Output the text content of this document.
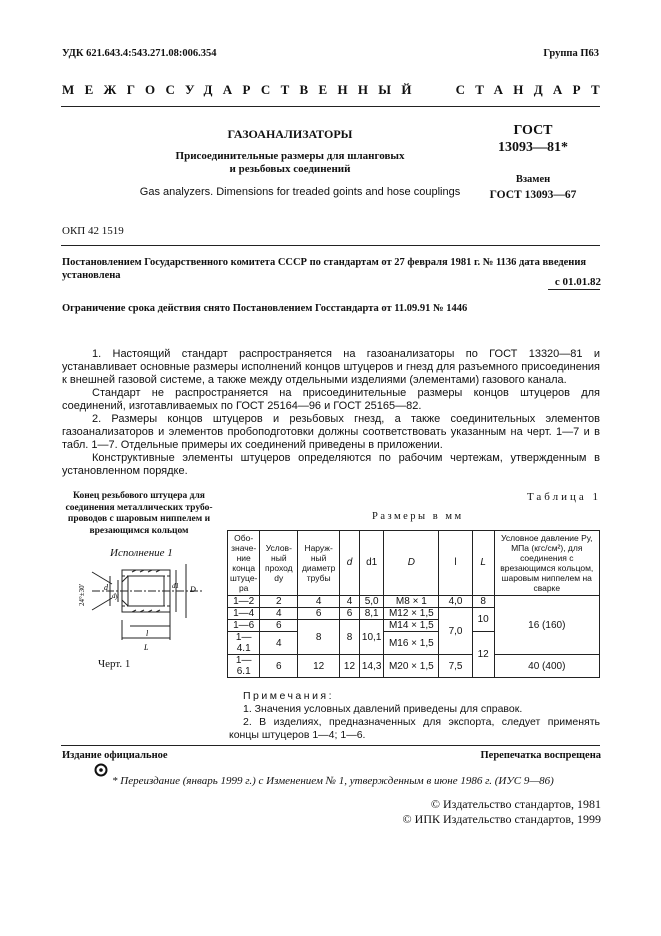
УДК 621.643.4:543.271.08:006.354	Группа П63
МЕЖГОСУДАРСТВЕННЫЙ	СТАНДАРТ
ГАЗОАНАЛИЗАТОРЫ
Присоединительные размеры для шланговых
и резьбовых соединений
Gas analyzers. Dimensions for treaded goints and hose couplings
ГОСТ
13093—81*
Взамен
ГОСТ 13093—67
ОКП 42 1519
Постановлением Государственного комитета СССР по стандартам от 27 февраля 1981 г. № 1136 дата введения установлена
с 01.01.82
Ограничение срока действия снято Постановлением Госстандарта от 11.09.91 № 1446

1. Настоящий стандарт распространяется на газоанализаторы по ГОСТ 13320—81 и устанавливает основные размеры исполнений концов штуцеров и гнезд для разъемного присоединения к внешней газовой системе, а также между отдельными изделиями (элементами) газового канала.

Стандарт не распространяется на присоединительные размеры концов штуцеров для соединений, изготавливаемых по ГОСТ 25164—96 и ГОСТ 25165—82.

2. Размеры концов штуцеров и резьбовых гнезд, а также соединительных элементов газоанализаторов и элементов пробоподготовки должны соответствовать указанным на черт. 1—7 и в табл. 1—7. Отдельные примеры их соединений приведены в приложении.

Конструктивные элементы штуцеров определяются по рабочим чертежам, утвержденным в установленном порядке.

Конец резьбового штуцера для
соединения металлических трубо-
проводов с шаровым ниппелем и
врезающимся кольцом
Исполнение 1
24°±30' d
dу
d1 D
l
L
Черт. 1
Таблица 1
Размеры в мм
Обо-значе-ние конца штуце-ра	Услов-ный проход dу	Наруж-ный диаметр трубы	d	d1	D	l	L	Условное давление Pу, МПа (кгс/см²), для соединения с врезающимся кольцом, шаровым ниппелем на сварке
1—2	2	4	4	5,0	M8 × 1	4,0	8	16 (160)
1—4	4	6	6	8,1	M12 × 1,5	7,0	10	
1—6	6	8	8	10,1	M14 × 1,5			
1—4.1	4				M16 × 1,5		12	
1—6.1	6	12	12	14,3	M20 × 1,5	7,5		40 (400)
Примечания:
1. Значения условных давлений приведены для справок.
2. В изделиях, предназначенных для экспорта, следует применять концы штуцеров 1—4; 1—6.
Издание официальное	Перепечатка воспрещена
* Переиздание (январь 1999 г.) с Изменением № 1, утвержденным в июне 1986 г. (ИУС 9—86)
© Издательство стандартов, 1981
© ИПК Издательство стандартов, 1999
